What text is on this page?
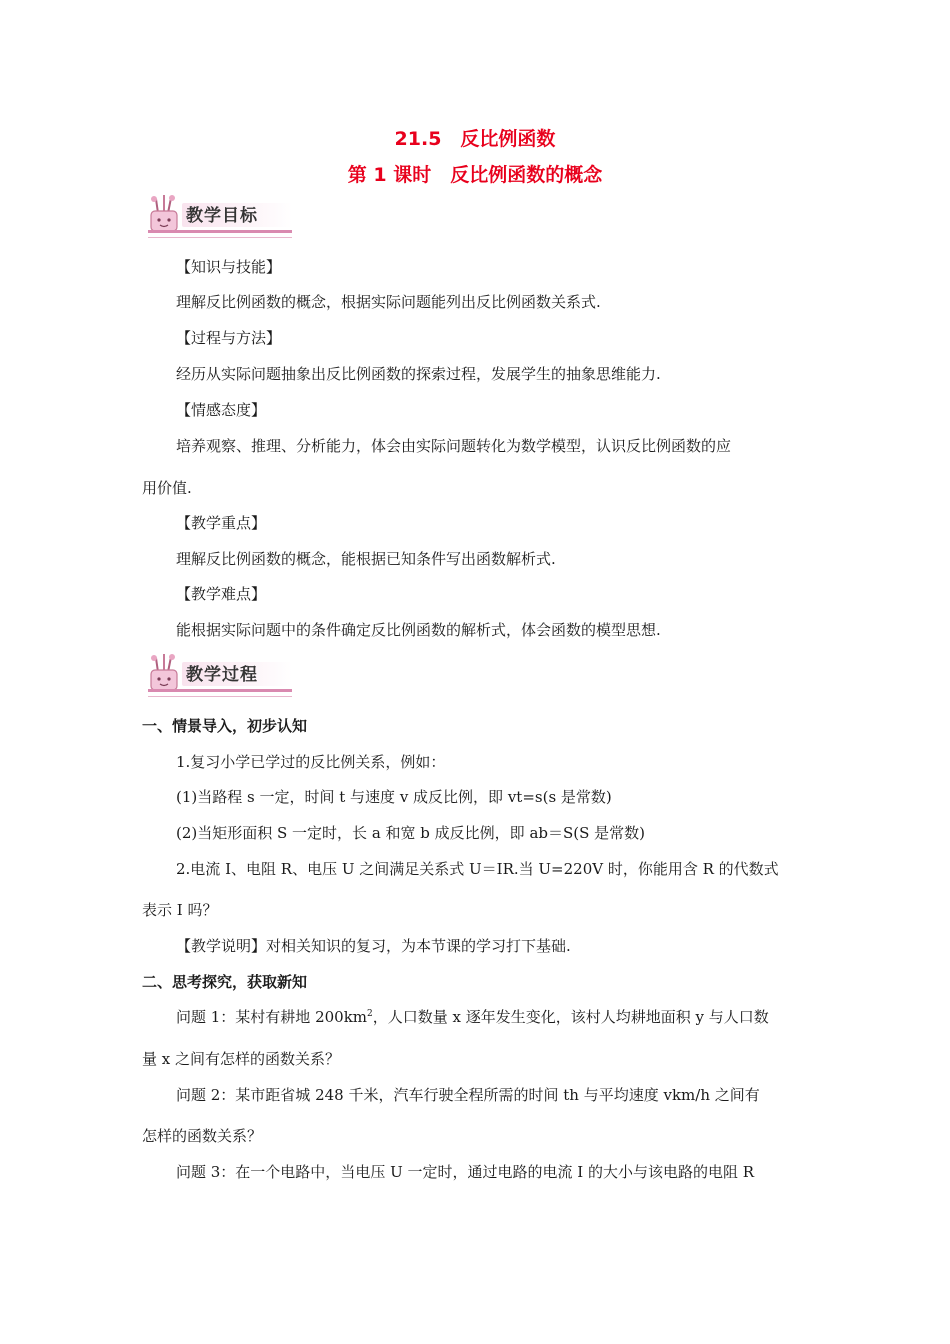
21.5　反比例函数
第 1 课时　反比例函数的概念
教学目标
【知识与技能】
理解反比例函数的概念，根据实际问题能列出反比例函数关系式.
【过程与方法】
经历从实际问题抽象出反比例函数的探索过程，发展学生的抽象思维能力.
【情感态度】
培养观察、推理、分析能力，体会由实际问题转化为数学模型，认识反比例函数的应
用价值.
【教学重点】
理解反比例函数的概念，能根据已知条件写出函数解析式.
【教学难点】
能根据实际问题中的条件确定反比例函数的解析式，体会函数的模型思想.
教学过程
一、情景导入，初步认知
1.复习小学已学过的反比例关系，例如：
(1)当路程 s 一定，时间 t 与速度 v 成反比例，即 vt=s(s 是常数)
(2)当矩形面积 S 一定时，长 a 和宽 b 成反比例，即 ab＝S(S 是常数)
2.电流 I、电阻 R、电压 U 之间满足关系式 U＝IR.当 U=220V 时，你能用含 R 的代数式
表示 I 吗？
【教学说明】对相关知识的复习，为本节课的学习打下基础.
二、思考探究，获取新知
问题 1：某村有耕地 $200km^2$，人口数量 x 逐年发生变化，该村人均耕地面积 y 与人口数
量 x 之间有怎样的函数关系？
问题 2：某市距省城 248 千米，汽车行驶全程所需的时间 th 与平均速度 vkm/h 之间有
怎样的函数关系？
问题 3：在一个电路中，当电压 U 一定时，通过电路的电流 I 的大小与该电路的电阻 R
